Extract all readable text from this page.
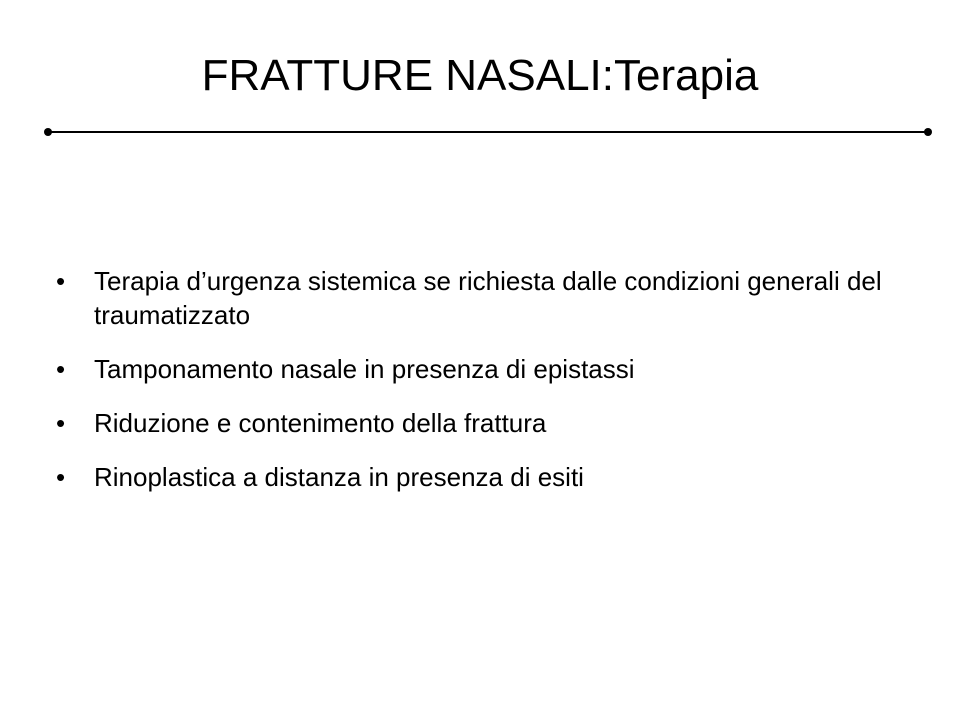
FRATTURE NASALI:Terapia
•	Terapia d’urgenza sistemica se richiesta dalle condizioni generali del traumatizzato
•	Tamponamento nasale in presenza di epistassi
•	Riduzione e contenimento della frattura
•	Rinoplastica a distanza in presenza di esiti
